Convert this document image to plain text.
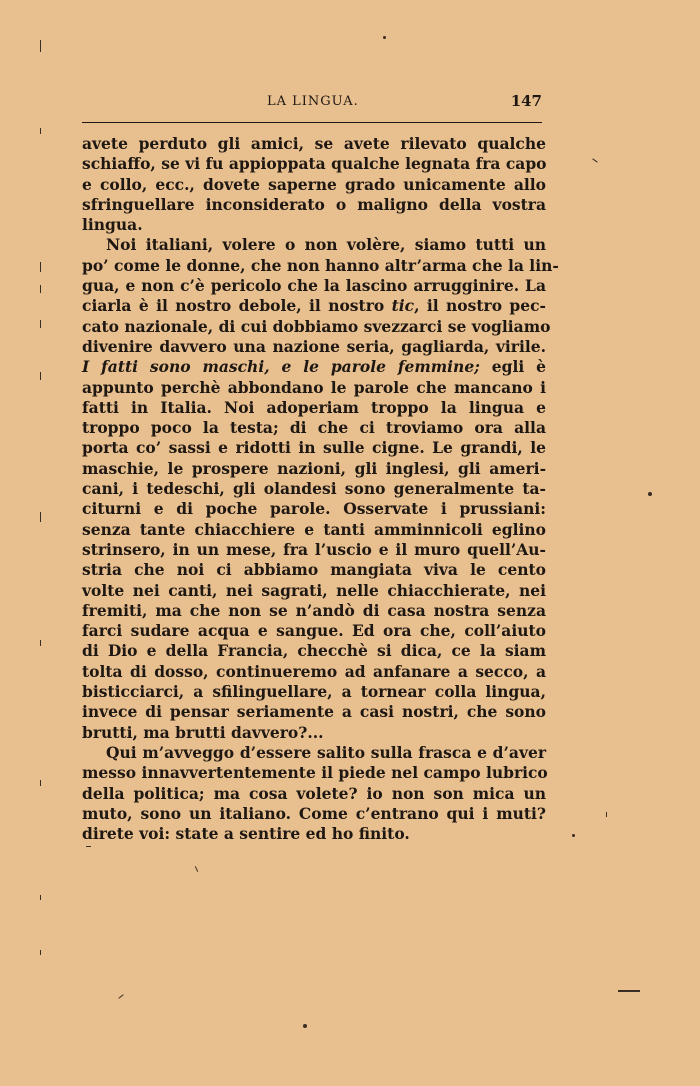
LA LINGUA.	147
avete perduto gli amici, se avete rilevato qualche
schiaffo, se vi fu appioppata qualche legnata fra capo
e collo, ecc., dovete saperne grado unicamente allo
sfringuellare inconsiderato o maligno della vostra
lingua.
Noi italiani, volere o non volère, siamo tutti un
po’ come le donne, che non hanno altr’arma che la lin-
gua, e non c’è pericolo che la lascino arrugginire. La
ciarla è il nostro debole, il nostro tic, il nostro pec-
cato nazionale, di cui dobbiamo svezzarci se vogliamo
divenire davvero una nazione seria, gagliarda, virile.
I fatti sono maschi, e le parole femmine; egli è
appunto perchè abbondano le parole che mancano i
fatti in Italia. Noi adoperiam troppo la lingua e
troppo poco la testa; di che ci troviamo ora alla
porta co’ sassi e ridotti in sulle cigne. Le grandi, le
maschie, le prospere nazioni, gli inglesi, gli ameri-
cani, i tedeschi, gli olandesi sono generalmente ta-
citurni e di poche parole. Osservate i prussiani:
senza tante chiacchiere e tanti amminnicoli eglino
strinsero, in un mese, fra l’uscio e il muro quell’Au-
stria che noi ci abbiamo mangiata viva le cento
volte nei canti, nei sagrati, nelle chiacchierate, nei
fremiti, ma che non se n’andò di casa nostra senza
farci sudare acqua e sangue. Ed ora che, coll’aiuto
di Dio e della Francia, checchè si dica, ce la siam
tolta di dosso, continueremo ad anfanare a secco, a
bisticciarci, a sfilinguellare, a tornear colla lingua,
invece di pensar seriamente a casi nostri, che sono
brutti, ma brutti davvero?...
Qui m’avveggo d’essere salito sulla frasca e d’aver
messo innavvertentemente il piede nel campo lubrico
della politica; ma cosa volete? io non son mica un
muto, sono un italiano. Come c’entrano qui i muti?
direte voi: state a sentire ed ho finito.
